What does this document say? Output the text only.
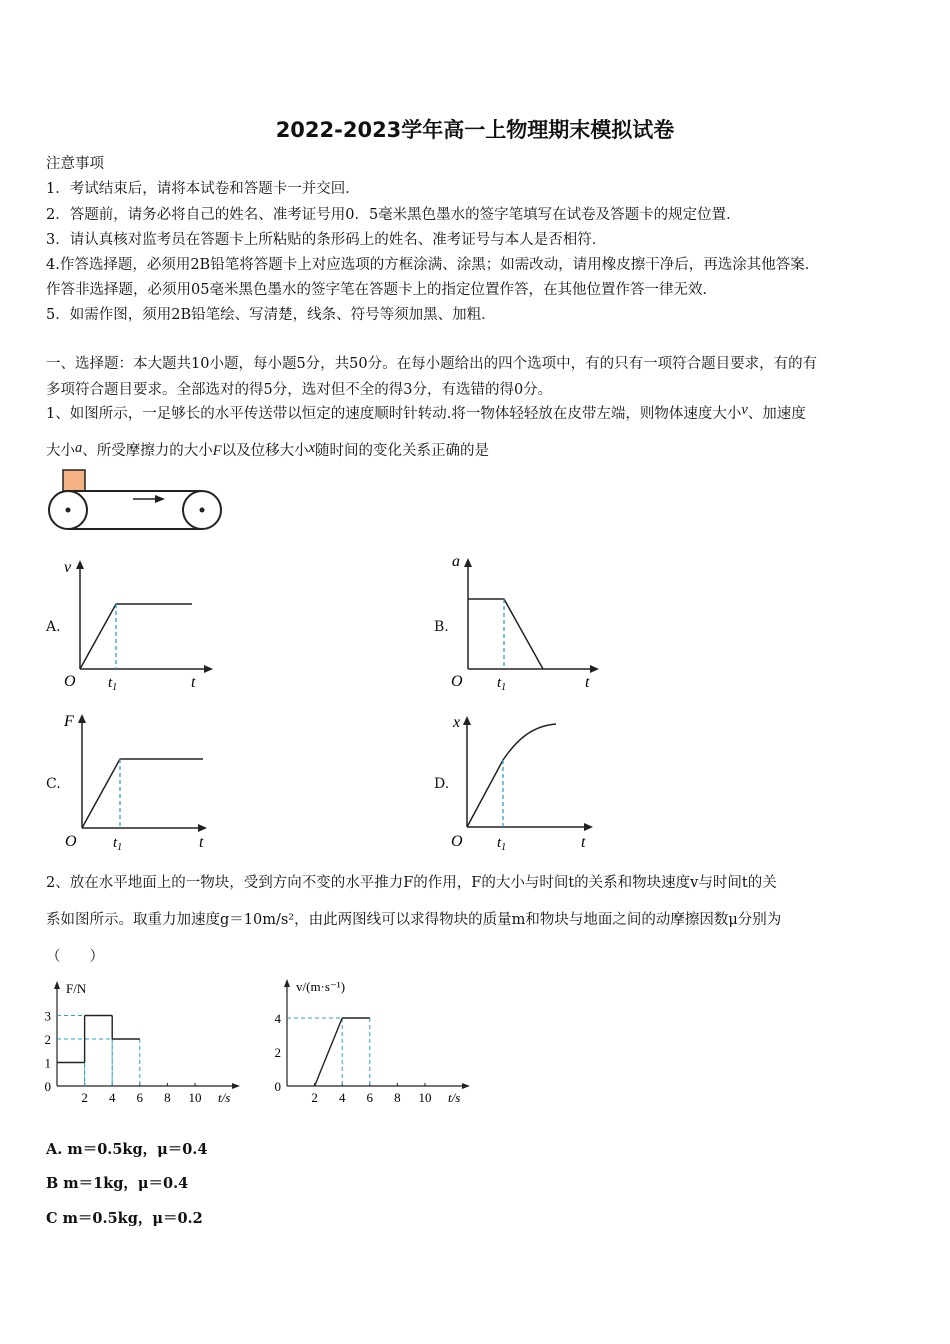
2022-2023学年高一上物理期末模拟试卷
注意事项
1．考试结束后，请将本试卷和答题卡一并交回．
2．答题前，请务必将自己的姓名、准考证号用0．5毫米黑色墨水的签字笔填写在试卷及答题卡的规定位置．
3．请认真核对监考员在答题卡上所粘贴的条形码上的姓名、准考证号与本人是否相符．
4.作答选择题，必须用2B铅笔将答题卡上对应选项的方框涂满、涂黑；如需改动，请用橡皮擦干净后，再选涂其他答案．
作答非选择题，必须用05毫米黑色墨水的签字笔在答题卡上的指定位置作答，在其他位置作答一律无效．
5．如需作图，须用2B铅笔绘、写清楚，线条、符号等须加黑、加粗．
一、选择题：本大题共10小题，每小题5分，共50分。在每小题给出的四个选项中，有的只有一项符合题目要求，有的有
多项符合题目要求。全部选对的得5分，选对但不全的得3分，有选错的得0分。
1、如图所示，一足够长的水平传送带以恒定的速度顺时针转动.将一物体轻轻放在皮带左端，则物体速度大小v、加速度
大小a、所受摩擦力的大小F以及位移大小x随时间的变化关系正确的是
A.
v
O $t_1$	t
B.
a
O $t_1$	t
C.
F
O $t_1$	t
D.
x
O $t_1$	t
2、放在水平地面上的一物块，受到方向不变的水平推力F的作用，F的大小与时间t的关系和物块速度v与时间t的关
系如图所示。取重力加速度g＝10m/s²，由此两图线可以求得物块的质量m和物块与地面之间的动摩擦因数μ分别为
（　　）
2 4 6 8 10
0
1
2
3
F/N
t/s	2 4 6 8 10
0
2
4
v/(m·s⁻¹)
t/s
A. m＝0.5kg，μ＝0.4
B m＝1kg，μ＝0.4
C m＝0.5kg，μ＝0.2
